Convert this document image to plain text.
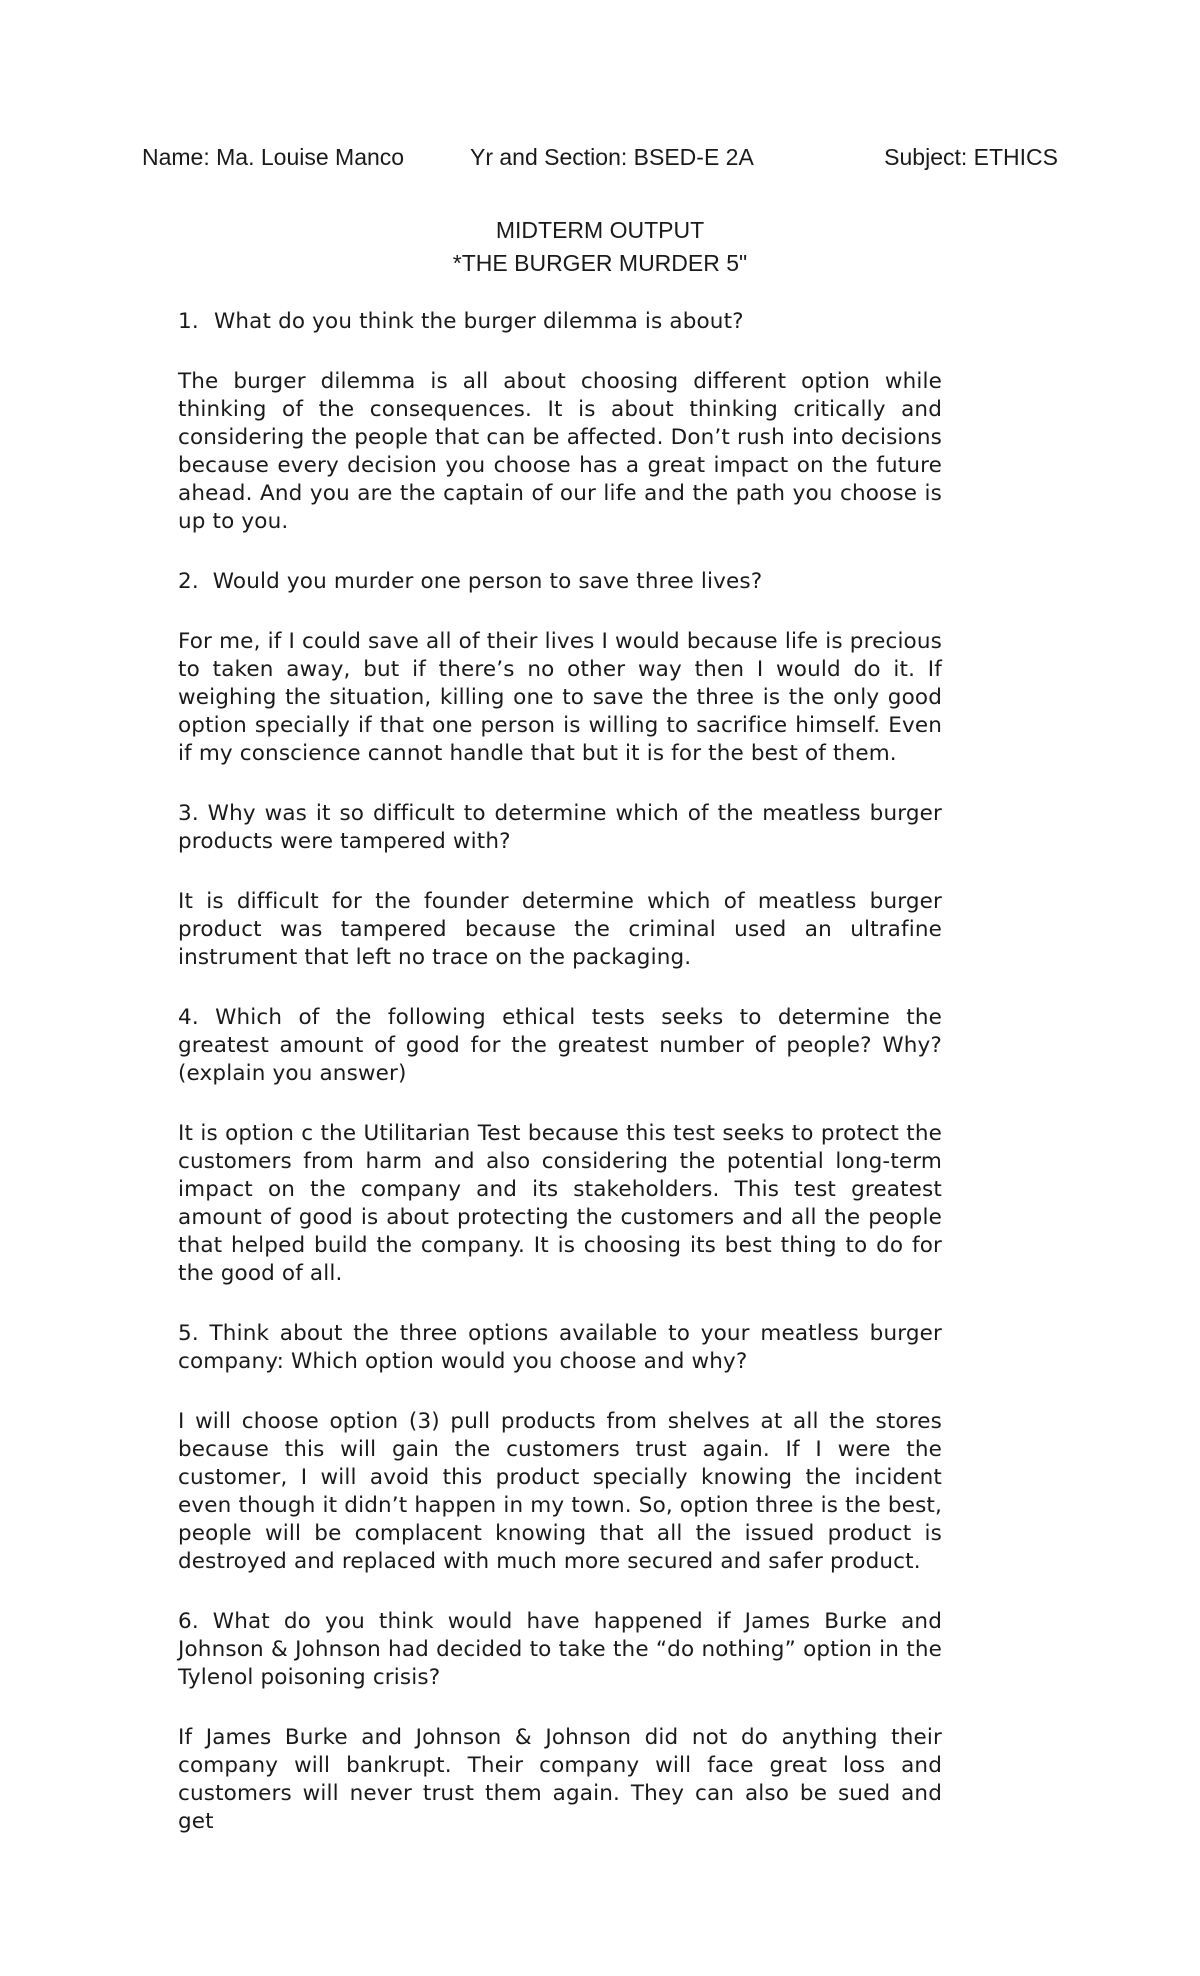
Name: Ma. Louise Manco	Yr and Section: BSED-E 2A	Subject: ETHICS
MIDTERM OUTPUT
*THE BURGER MURDER 5"
1. What do you think the burger dilemma is about?

The burger dilemma is all about choosing different option while thinking of the consequences. It is about thinking critically and considering the people that can be affected. Don’t rush into decisions because every decision you choose has a great impact on the future ahead. And you are the captain of our life and the path you choose is up to you.

2.  Would you murder one person to save three lives?

For me, if I could save all of their lives I would because life is precious to taken away, but if there’s no other way then I would do it. If weighing the situation, killing one to save the three is the only good option specially if that one person is willing to sacrifice himself. Even if my conscience cannot handle that but it is for the best of them.

3. Why was it so difficult to determine which of the meatless burger products were tampered with?

It is difficult for the founder determine which of meatless burger product was tampered because the criminal used an ultrafine instrument that left no trace on the packaging.

4. Which of the following ethical tests seeks to determine the greatest amount of good for the greatest number of people? Why? (explain you answer)

It is option c the Utilitarian Test because this test seeks to protect the customers from harm and also considering the potential long-term impact on the company and its stakeholders. This test greatest amount of good is about protecting the customers and all the people that helped build the company. It is choosing its best thing to do for the good of all.

5. Think about the three options available to your meatless burger company: Which option would you choose and why?

I will choose option (3) pull products from shelves at all the stores because this will gain the customers trust again. If I were the customer, I will avoid this product specially knowing the incident even though it didn’t happen in my town. So, option three is the best, people will be complacent knowing that all the issued product is destroyed and replaced with much more secured and safer product.

6. What do you think would have happened if James Burke and Johnson & Johnson had decided to take the “do nothing” option in the Tylenol poisoning crisis?

If James Burke and Johnson & Johnson did not do anything their company will bankrupt. Their company will face great loss and customers will never trust them again. They can also be sued and get
